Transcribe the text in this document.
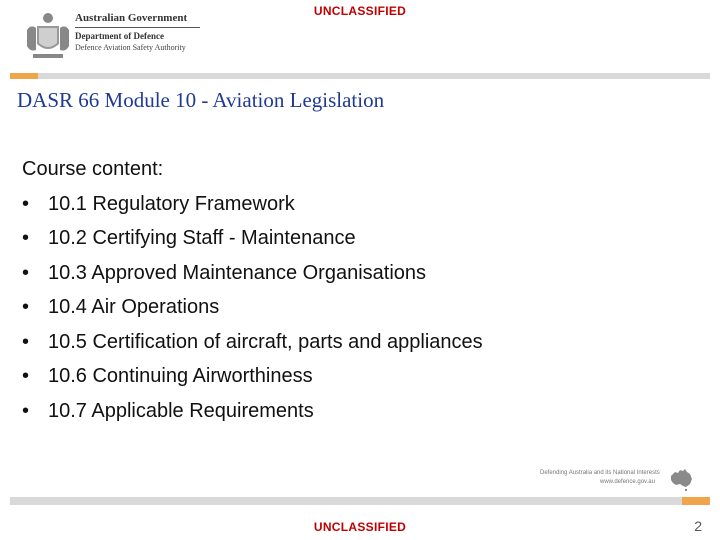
UNCLASSIFIED
Australian Government
Department of Defence
Defence Aviation Safety Authority
DASR 66 Module 10 - Aviation Legislation
Course content:
• 10.1 Regulatory Framework
• 10.2 Certifying Staff - Maintenance
• 10.3 Approved Maintenance Organisations
• 10.4 Air Operations
• 10.5 Certification of aircraft, parts and appliances
• 10.6 Continuing Airworthiness
• 10.7 Applicable Requirements
Defending Australia and its National Interests
www.defence.gov.au
UNCLASSIFIED	2
